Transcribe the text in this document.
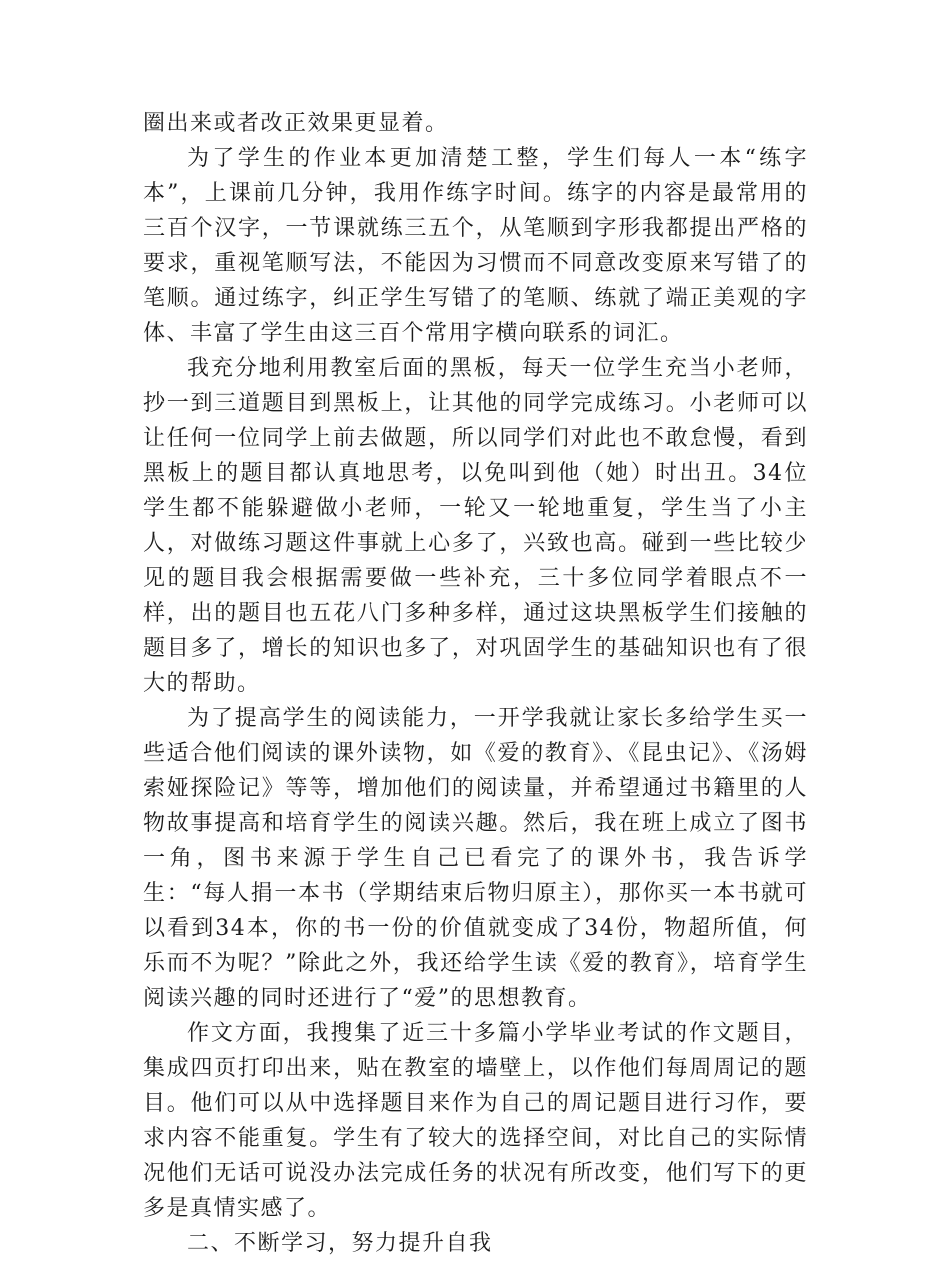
圈出来或者改正效果更显着。

为了学生的作业本更加清楚工整，学生们每人一本“练字本”，上课前几分钟，我用作练字时间。练字的内容是最常用的三百个汉字，一节课就练三五个，从笔顺到字形我都提出严格的要求，重视笔顺写法，不能因为习惯而不同意改变原来写错了的笔顺。通过练字，纠正学生写错了的笔顺、练就了端正美观的字体、丰富了学生由这三百个常用字横向联系的词汇。

我充分地利用教室后面的黑板，每天一位学生充当小老师，抄一到三道题目到黑板上，让其他的同学完成练习。小老师可以让任何一位同学上前去做题，所以同学们对此也不敢怠慢，看到黑板上的题目都认真地思考，以免叫到他（她）时出丑。34位学生都不能躲避做小老师，一轮又一轮地重复，学生当了小主人，对做练习题这件事就上心多了，兴致也高。碰到一些比较少见的题目我会根据需要做一些补充，三十多位同学着眼点不一样，出的题目也五花八门多种多样，通过这块黑板学生们接触的题目多了，增长的知识也多了，对巩固学生的基础知识也有了很大的帮助。

为了提高学生的阅读能力，一开学我就让家长多给学生买一些适合他们阅读的课外读物，如《爱的教育》、《昆虫记》、《汤姆索娅探险记》等等，增加他们的阅读量，并希望通过书籍里的人物故事提高和培育学生的阅读兴趣。然后，我在班上成立了图书一角，图书来源于学生自己已看完了的课外书，我告诉学生：“每人捐一本书（学期结束后物归原主），那你买一本书就可以看到34本，你的书一份的价值就变成了34份，物超所值，何乐而不为呢？”除此之外，我还给学生读《爱的教育》，培育学生阅读兴趣的同时还进行了“爱”的思想教育。

作文方面，我搜集了近三十多篇小学毕业考试的作文题目，集成四页打印出来，贴在教室的墙壁上，以作他们每周周记的题目。他们可以从中选择题目来作为自己的周记题目进行习作，要求内容不能重复。学生有了较大的选择空间，对比自己的实际情况他们无话可说没办法完成任务的状况有所改变，他们写下的更多是真情实感了。

二、不断学习，努力提升自我
